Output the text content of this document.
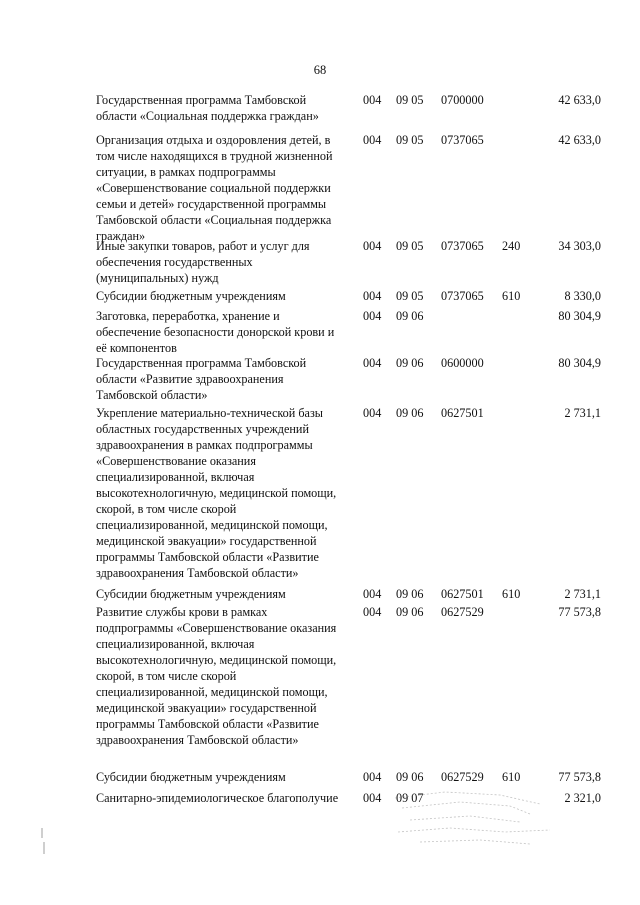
68
Государственная программа Тамбовской области «Социальная поддержка граждан»
004	09 05	0700000	42 633,0
Организация отдыха и оздоровления детей, в том числе находящихся в трудной жизненной ситуации, в рамках подпрограммы «Совершенствование социальной поддержки семьи и детей» государственной программы Тамбовской области «Социальная поддержка граждан»
004	09 05	0737065	42 633,0
Иные закупки товаров, работ и услуг для обеспечения государственных (муниципальных) нужд
004	09 05	0737065	240	34 303,0
Субсидии бюджетным учреждениям	004	09 05	0737065	610	8 330,0
Заготовка, переработка, хранение и обеспечение безопасности донорской крови и её компонентов
004	09 06	80 304,9
Государственная программа Тамбовской области «Развитие здравоохранения Тамбовской области»
004	09 06	0600000	80 304,9
Укрепление материально-технической базы областных государственных учреждений здравоохранения в рамках подпрограммы «Совершенствование оказания специализированной, включая высокотехнологичную, медицинской помощи, скорой, в том числе скорой специализированной, медицинской помощи, медицинской эвакуации» государственной программы Тамбовской области «Развитие здравоохранения Тамбовской области»
004	09 06	0627501	2 731,1
Субсидии бюджетным учреждениям	004	09 06	0627501	610	2 731,1
Развитие службы крови в рамках подпрограммы «Совершенствование оказания специализированной, включая высокотехнологичную, медицинской помощи, скорой, в том числе скорой специализированной, медицинской помощи, медицинской эвакуации» государственной программы Тамбовской области «Развитие здравоохранения Тамбовской области»
004	09 06	0627529	77 573,8
Субсидии бюджетным учреждениям	004	09 06	0627529	610	77 573,8
Санитарно-эпидемиологическое благополучие	004	09 07	2 321,0
